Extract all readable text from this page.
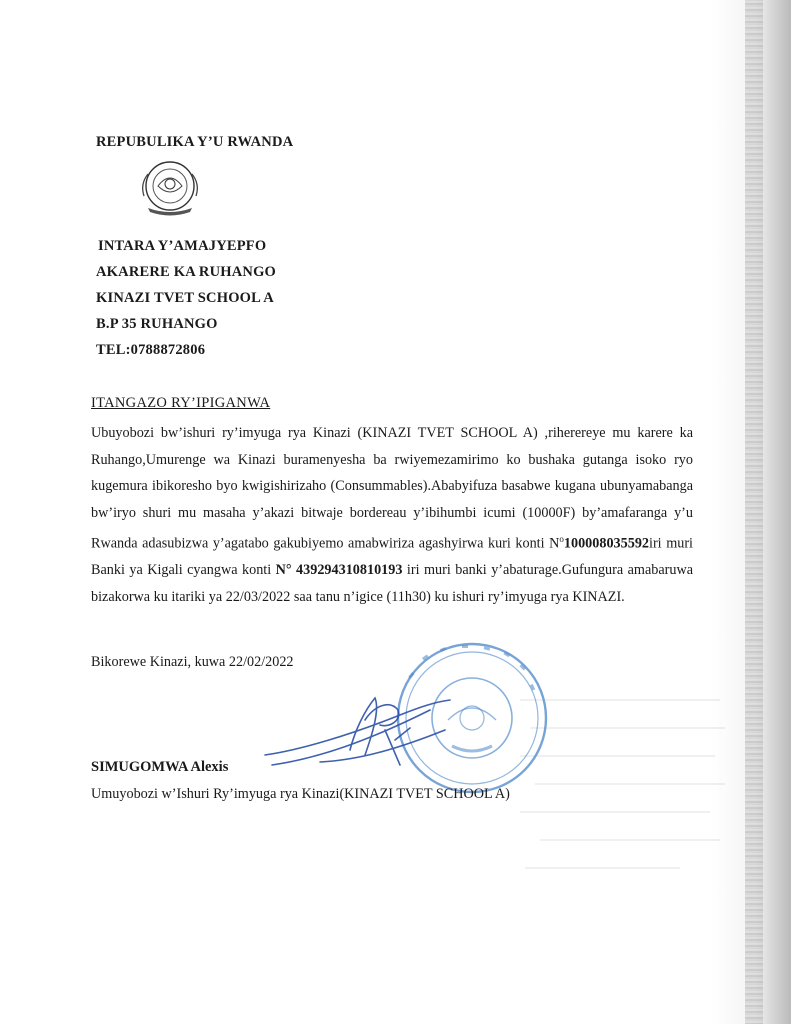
REPUBULIKA Y’U RWANDA
INTARA Y’AMAJYEPFO
AKARERE KA RUHANGO
KINAZI TVET SCHOOL A
B.P 35 RUHANGO
TEL:0788872806
ITANGAZO RY’IPIGANWA
Ubuyobozi bw’ishuri ry’imyuga rya Kinazi (KINAZI TVET SCHOOL A) ,riherereye mu karere ka Ruhango,Umurenge wa Kinazi buramenyesha ba rwiyemezamirimo ko bushaka gutanga isoko ryo kugemura ibikoresho byo kwigishirizaho (Consummables).Ababyifuza basabwe kugana ubunyamabanga bw’iryo shuri mu masaha y’akazi bitwaje bordereau y’ibihumbi icumi (10000F) by’amafaranga y’u Rwanda adasubizwa y’agatabo gakubiyemo amabwiriza agashyirwa kuri konti $N^o100008035592iri$ muri Banki ya Kigali cyangwa konti N° 439294310810193 iri muri banki y’abaturage.Gufungura amabaruwa bizakorwa ku itariki ya 22/03/2022 saa tanu n’igice (11h30) ku ishuri ry’imyuga rya KINAZI.
Bikorewe Kinazi, kuwa 22/02/2022
SIMUGOMWA Alexis
Umuyobozi w’Ishuri Ry’imyuga rya Kinazi(KINAZI TVET SCHOOL A)
